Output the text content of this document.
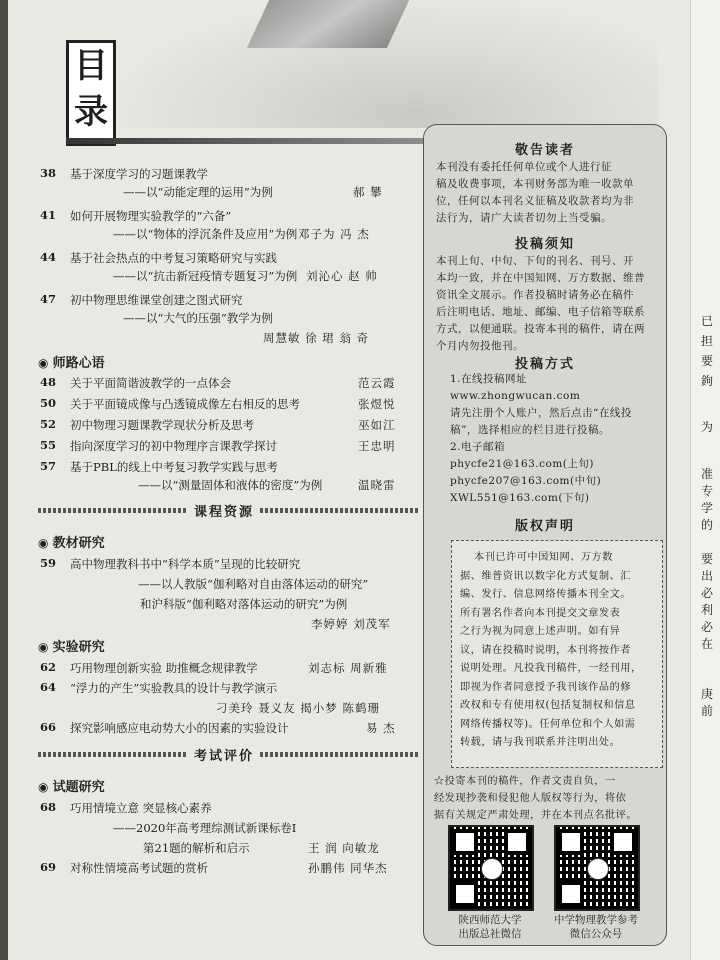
目
录
38 基于深度学习的习题课教学
——以“动能定理的运用”为例	郝 攀
41 如何开展物理实验教学的“六备”
——以“物体的浮沉条件及应用”为例 邓子为 冯 杰
44 基于社会热点的中考复习策略研究与实践
——以“抗击新冠疫情专题复习”为例 刘沁心 赵 帅
47 初中物理思维课堂创建之图式研究
——以“大气的压强”教学为例
周慧敏 徐 珺 翁 奇
◉ 师路心语
48 关于平面简谐波教学的一点体会	范云霞
50 关于平面镜成像与凸透镜成像左右相反的思考	张煜悦
52 初中物理习题课教学现状分析及思考	巫如江
55 指向深度学习的初中物理序言课教学探讨	王忠明
57 基于PBL的线上中考复习教学实践与思考
——以“测量固体和液体的密度”为例	温晓雷
课程资源
◉ 教材研究
59 高中物理教科书中“科学本质”呈现的比较研究
——以人教版“伽利略对自由落体运动的研究”
和沪科版“伽利略对落体运动的研究”为例
李婷婷 刘茂军
◉ 实验研究
62 巧用物理创新实验 助推概念规律教学	刘志标 周新雅
64 “浮力的产生”实验教具的设计与教学演示
刁美玲 聂义友 揭小梦 陈鹤珊
66 探究影响感应电动势大小的因素的实验设计	易 杰
考试评价
◉ 试题研究
68 巧用情境立意 突显核心素养
——2020年高考理综测试新课标卷Ⅰ
第21题的解析和启示	王 润 向敏龙
69 对称性情境高考试题的赏析	孙鹏伟 同华杰
敬告读者
本刊没有委托任何单位或个人进行征
稿及收费事项，本刊财务部为唯一收款单
位，任何以本刊名义征稿及收款者均为非
法行为，请广大读者切勿上当受骗。
投稿须知
本刊上旬、中旬、下旬的刊名、刊号、开
本均一致，并在中国知网、万方数据、维普
资讯全文展示。作者投稿时请务必在稿件
后注明电话、地址、邮编、电子信箱等联系
方式，以便通联。投寄本刊的稿件，请在两
个月内勿投他刊。
投稿方式
1.在线投稿网址
www.zhongwucan.com
请先注册个人账户，然后点击“在线投
稿”，选择相应的栏目进行投稿。
2.电子邮箱
phycfe21@163.com(上旬)
phycfe207@163.com(中旬)
XWL551@163.com(下旬)
版权声明
本刊已许可中国知网、万方数
据、维普资讯以数字化方式复制、汇
编、发行、信息网络传播本刊全文。
所有署名作者向本刊提交文章发表
之行为视为同意上述声明。如有异
议，请在投稿时说明，本刊将按作者
说明处理。凡投我刊稿件，一经刊用，
即视为作者同意授予我刊该作品的修
改权和专有使用权(包括复制权和信息
网络传播权等)。任何单位和个人如需
转载，请与我刊联系并注明出处。
☆投寄本刊的稿件，作者文责自负，一
经发现抄袭和侵犯他人版权等行为，将依
据有关规定严肃处理，并在本刊点名批评。
陕西师范大学
出版总社微信
中学物理教学参考
微信公众号
已
担
要
鉤
为
准
专
学
的
要
出
必
利
必
在
庚
前
